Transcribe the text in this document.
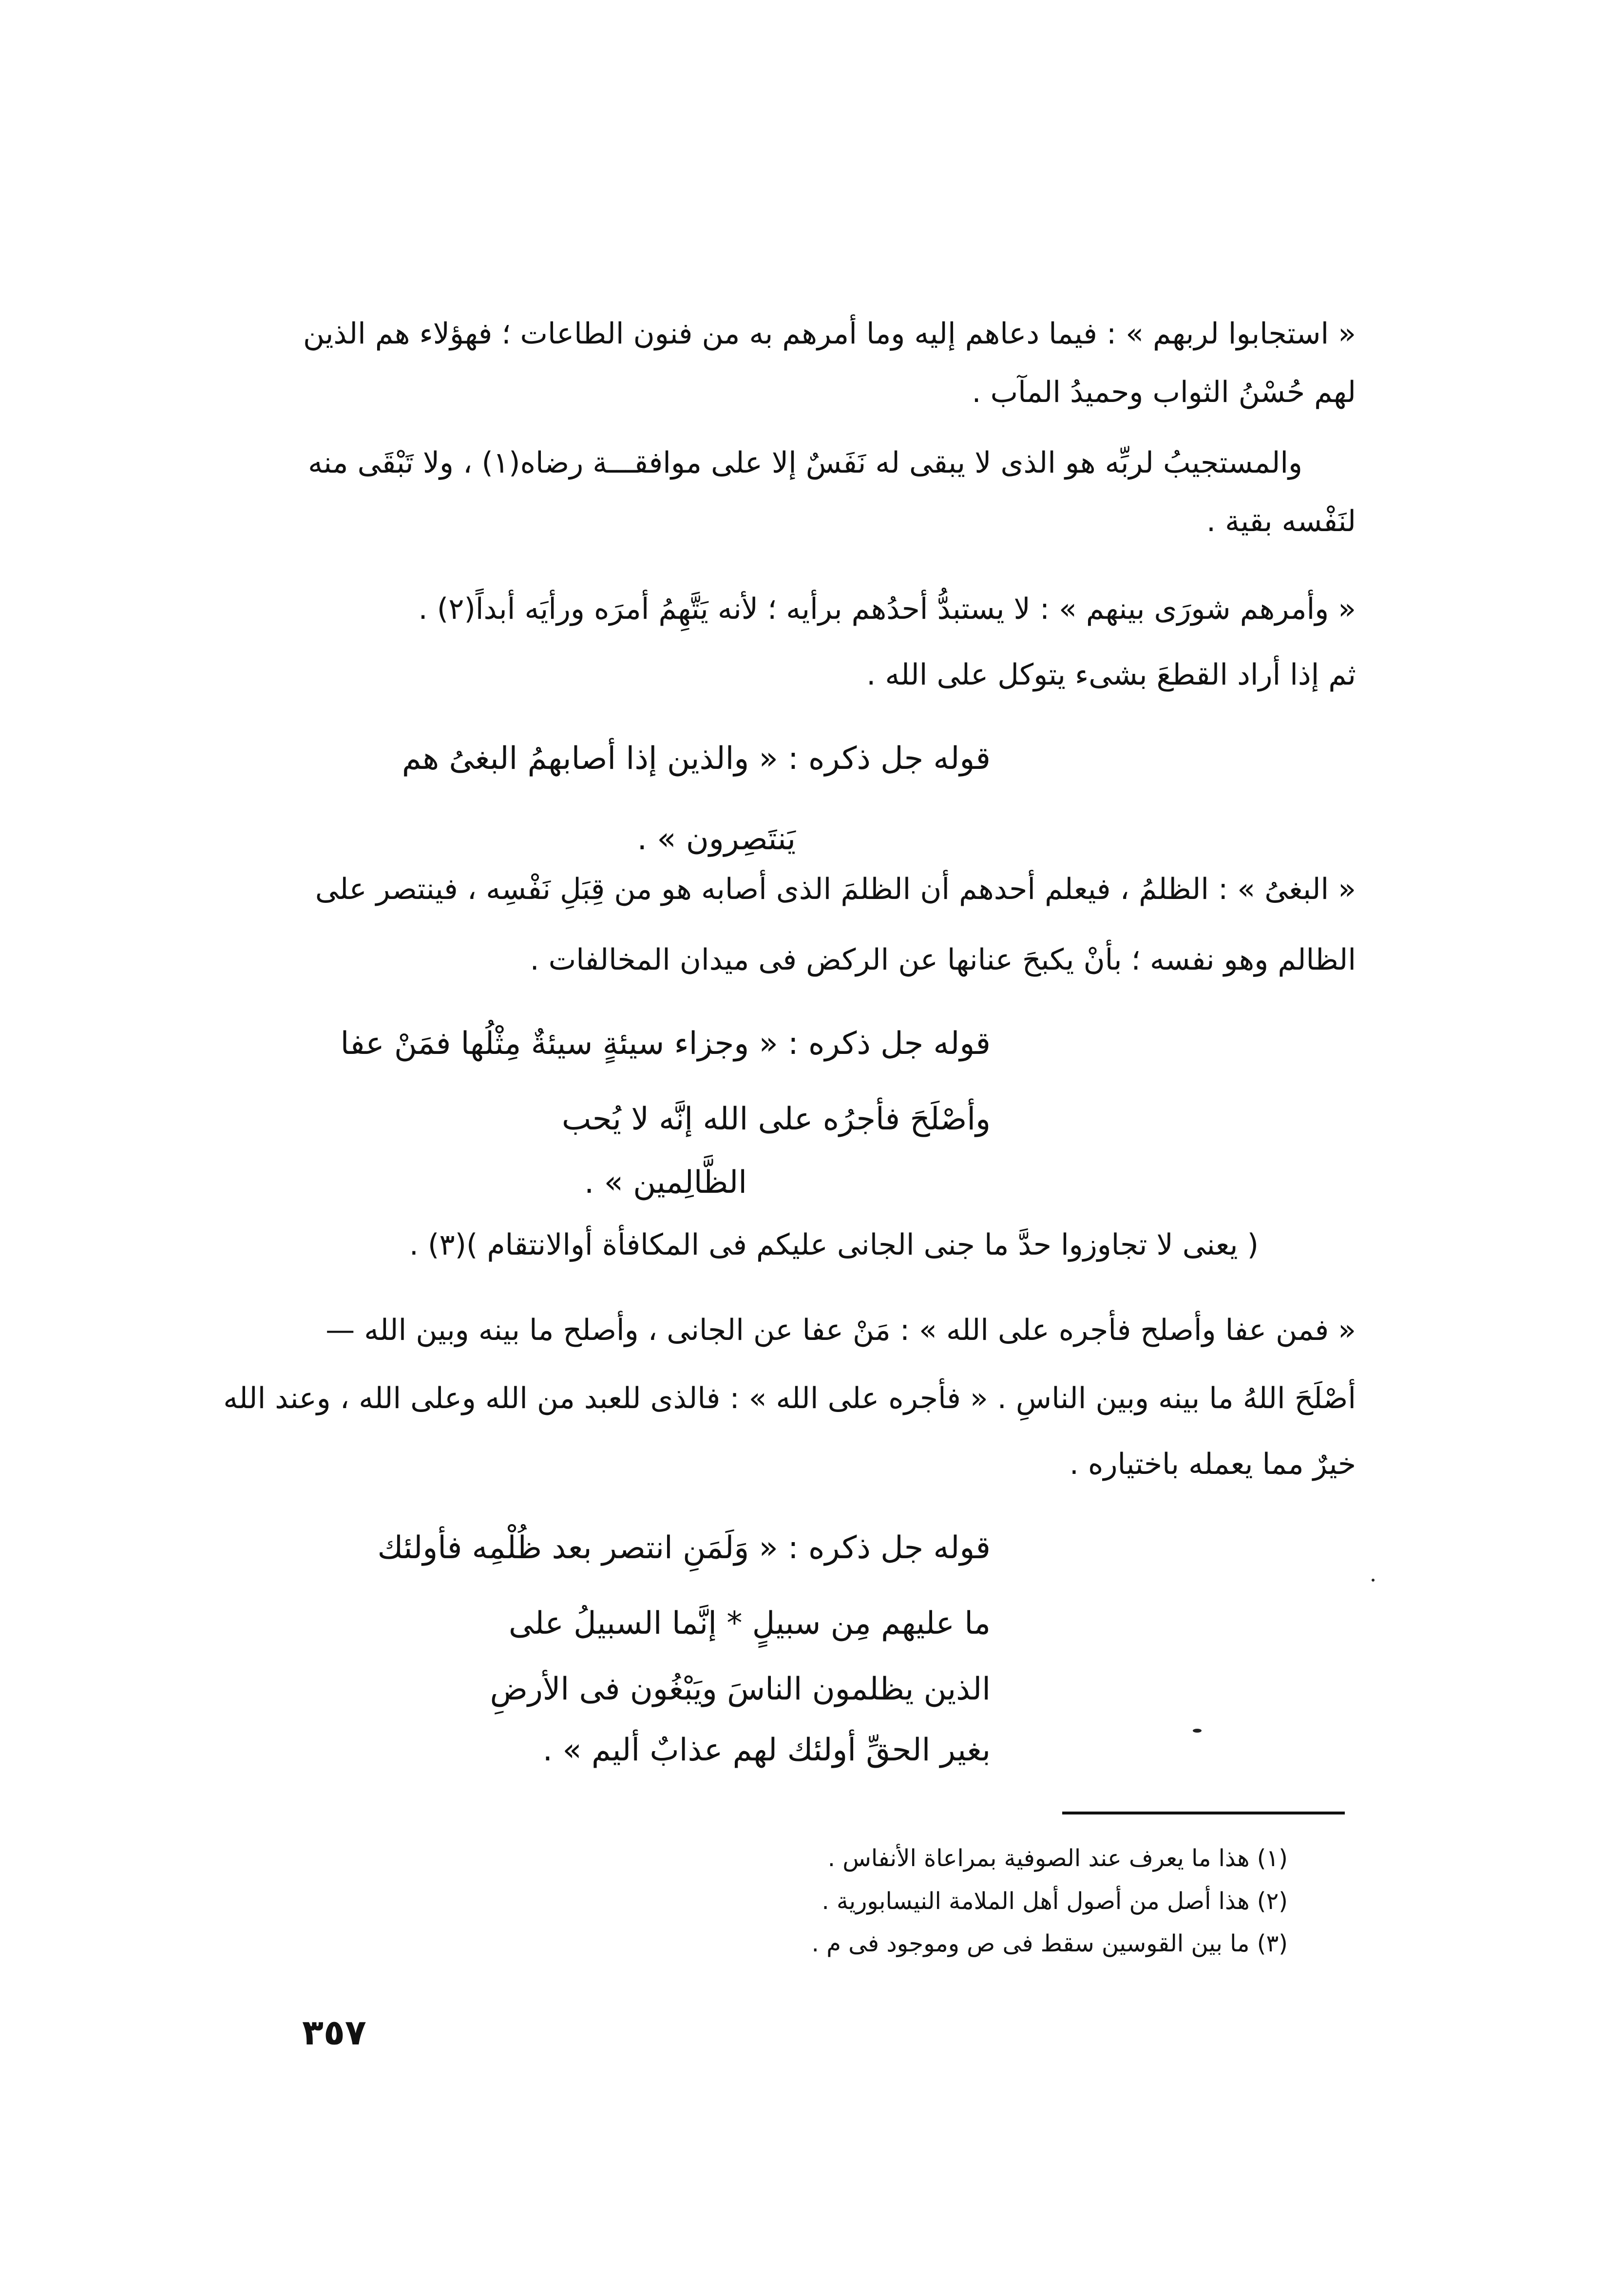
« استجابوا لربهم » : فيما دعاهم إليه وما أمرهم به من فنون الطاعات ؛ فهؤلاء هم الذين
لهم حُسْنُ الثواب وحميدُ المآب .
والمستجيبُ لربِّه هو الذى لا يبقى له نَفَسٌ إلا على موافقـــة رضاه(١) ، ولا تَبْقَى منه
لنَفْسه بقية .
« وأمرهم شورَى بينهم » : لا يستبدُّ أحدُهم برأيه ؛ لأنه يَتَّهِمُ أمرَه ورأيَه أبداً(٢) .
ثم إذا أراد القطعَ بشىء يتوكل على الله .
قوله جل ذكره : « والذين إذا أصابهمُ البغىُ هم
يَنتَصِرون » .
« البغىُ » : الظلمُ ، فيعلم أحدهم أن الظلمَ الذى أصابه هو من قِبَلِ نَفْسِه ، فينتصر على
الظالم وهو نفسه ؛ بأنْ يكبحَ عنانها عن الركض فى ميدان المخالفات .
قوله جل ذكره : « وجزاء سيئةٍ سيئةٌ مِثْلُها فمَنْ عفا
وأصْلَحَ فأجرُه على الله إنَّه لا يُحب
الظَّالِمين » .
( يعنى لا تجاوزوا حدَّ ما جنى الجانى عليكم فى المكافأة أوالانتقام )(٣) .
« فمن عفا وأصلح فأجره على الله » : مَنْ عفا عن الجانى ، وأصلح ما بينه وبين الله —
أصْلَحَ اللهُ ما بينه وبين الناسِ . « فأجره على الله » : فالذى للعبد من الله وعلى الله ، وعند الله
خيرٌ مما يعمله باختياره .
قوله جل ذكره : « وَلَمَنِ انتصر بعد ظُلْمِه فأولئك
ما عليهم مِن سبيلٍ * إنَّما السبيلُ على
الذين يظلمون الناسَ ويَبْغُون فى الأرضِ
بغير الحقِّ أولئك لهم عذابٌ أليم » .
(١) هذا ما يعرف عند الصوفية بمراعاة الأنفاس .
(٢) هذا أصل من أصول أهل الملامة النيسابورية .
(٣) ما بين القوسين سقط فى ص وموجود فى م .
٣٥٧
